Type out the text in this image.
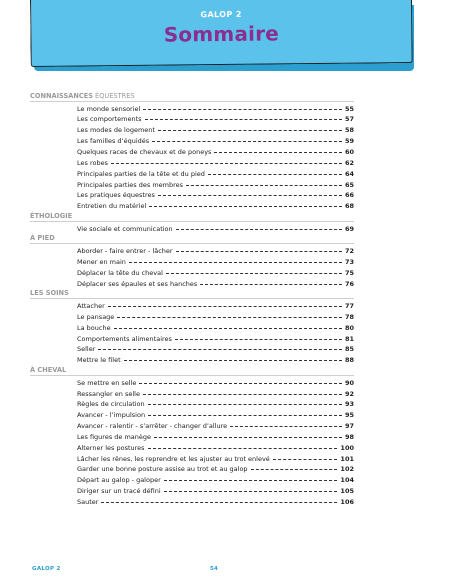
GALOP 2
Sommaire
CONNAISSANCES ÉQUESTRES
Le monde sensoriel	55
Les comportements	57
Les modes de logement	58
Les familles d’équidés	59
Quelques races de chevaux et de poneys	60
Les robes	62
Principales parties de la tête et du pied	64
Principales parties des membres	65
Les pratiques équestres	66
Entretien du matériel	68
ÉTHOLOGIE
Vie sociale et communication	69
À PIED
Aborder - faire entrer - lâcher	72
Mener en main	73
Déplacer la tête du cheval	75
Déplacer ses épaules et ses hanches	76
LES SOINS
Attacher	77
Le pansage	78
La bouche	80
Comportements alimentaires	81
Seller	85
Mettre le filet	88
À CHEVAL
Se mettre en selle	90
Ressangler en selle	92
Règles de circulation	93
Avancer - l’impulsion	95
Avancer - ralentir - s’arrêter - changer d’allure	97
Les figures de manège	98
Alterner les postures	100
Lâcher les rênes, les reprendre et les ajuster au trot enlevé	101
Garder une bonne posture assise au trot et au galop	102
Départ au galop - galoper	104
Diriger sur un tracé défini	105
Sauter	106
GALOP 2	54
